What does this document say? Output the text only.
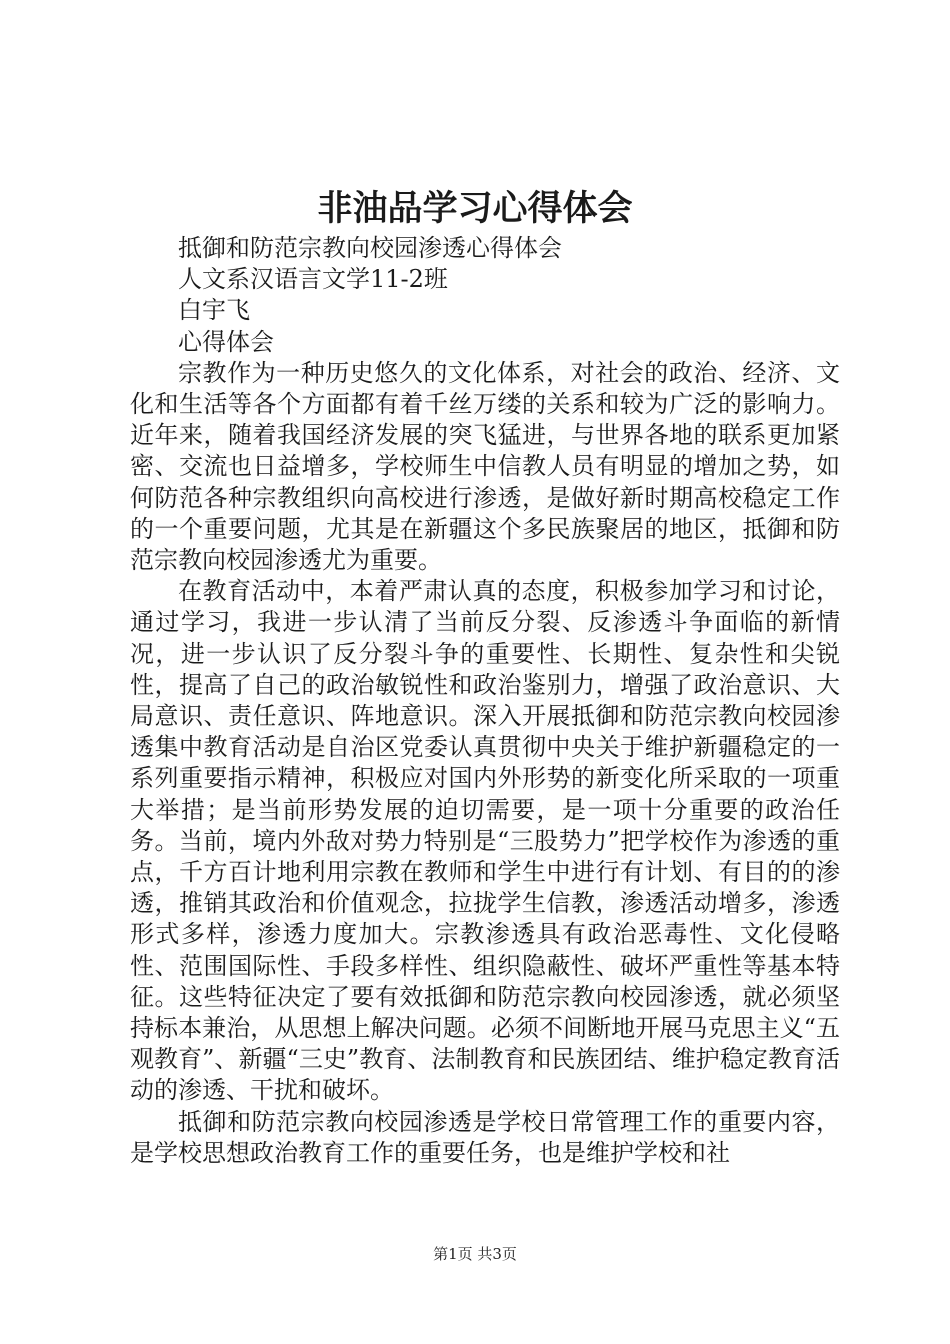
非油品学习心得体会

抵御和防范宗教向校园渗透心得体会

人文系汉语言文学11-2班

白宇飞

心得体会

宗教作为一种历史悠久的文化体系，对社会的政治、经济、文化和生活等各个方面都有着千丝万缕的关系和较为广泛的影响力。近年来，随着我国经济发展的突飞猛进，与世界各地的联系更加紧密、交流也日益增多，学校师生中信教人员有明显的增加之势，如何防范各种宗教组织向高校进行渗透，是做好新时期高校稳定工作的一个重要问题，尤其是在新疆这个多民族聚居的地区，抵御和防范宗教向校园渗透尤为重要。

在教育活动中，本着严肃认真的态度，积极参加学习和讨论，通过学习，我进一步认清了当前反分裂、反渗透斗争面临的新情况，进一步认识了反分裂斗争的重要性、长期性、复杂性和尖锐性，提高了自己的政治敏锐性和政治鉴别力，增强了政治意识、大局意识、责任意识、阵地意识。深入开展抵御和防范宗教向校园渗透集中教育活动是自治区党委认真贯彻中央关于维护新疆稳定的一系列重要指示精神，积极应对国内外形势的新变化所采取的一项重大举措；是当前形势发展的迫切需要，是一项十分重要的政治任务。当前，境内外敌对势力特别是“三股势力”把学校作为渗透的重点，千方百计地利用宗教在教师和学生中进行有计划、有目的的渗透，推销其政治和价值观念，拉拢学生信教，渗透活动增多，渗透形式多样，渗透力度加大。宗教渗透具有政治恶毒性、文化侵略性、范围国际性、手段多样性、组织隐蔽性、破坏严重性等基本特征。这些特征决定了要有效抵御和防范宗教向校园渗透，就必须坚持标本兼治，从思想上解决问题。必须不间断地开展马克思主义“五观教育”、新疆“三史”教育、法制教育和民族团结、维护稳定教育活动的渗透、干扰和破坏。

抵御和防范宗教向校园渗透是学校日常管理工作的重要内容，是学校思想政治教育工作的重要任务，也是维护学校和社

第1页 共3页
